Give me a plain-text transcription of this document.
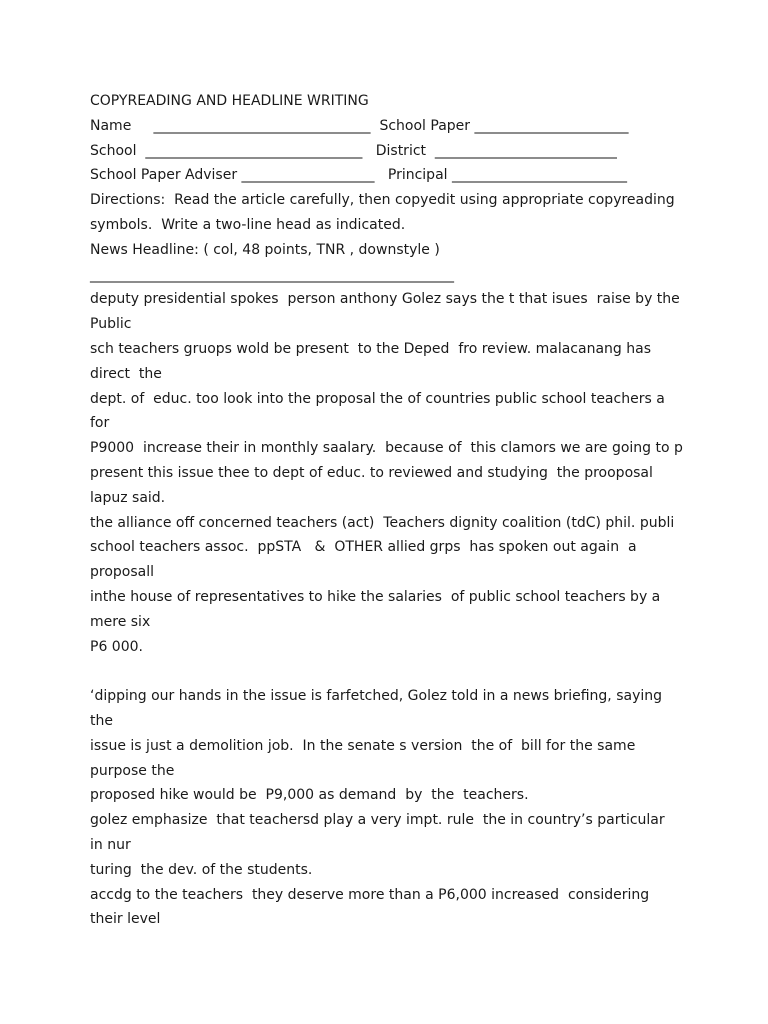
COPYREADING AND HEADLINE WRITING
Name     _______________________________  School Paper ______________________
School  _______________________________   District  __________________________
School Paper Adviser ___________________   Principal _________________________
Directions:  Read the article carefully, then copyedit using appropriate copyreading
symbols.  Write a two-line head as indicated.
News Headline: ( col, 48 points, TNR , downstyle )
____________________________________________________
deputy presidential spokes  person anthony Golez says the t that isues  raise by the
Public
sch teachers gruops wold be present  to the Deped  fro review. malacanang has
direct  the
dept. of  educ. too look into the proposal the of countries public school teachers a
for
P9000  increase their in monthly saalary.  because of  this clamors we are going to p
present this issue thee to dept of educ. to reviewed and studying  the prooposal
lapuz said.
the alliance off concerned teachers (act)  Teachers dignity coalition (tdC) phil. publi
school teachers assoc.  ppSTA   &  OTHER allied grps  has spoken out again  a
proposall
inthe house of representatives to hike the salaries  of public school teachers by a
mere six
P6 000.
‘dipping our hands in the issue is farfetched, Golez told in a news briefing, saying
the
issue is just a demolition job.  In the senate s version  the of  bill for the same
purpose the
proposed hike would be  P9,000 as demand  by  the  teachers.
golez emphasize  that teachersd play a very impt. rule  the in country’s particular
in nur
turing  the dev. of the students.
accdg to the teachers  they deserve more than a P6,000 increased  considering
their level
